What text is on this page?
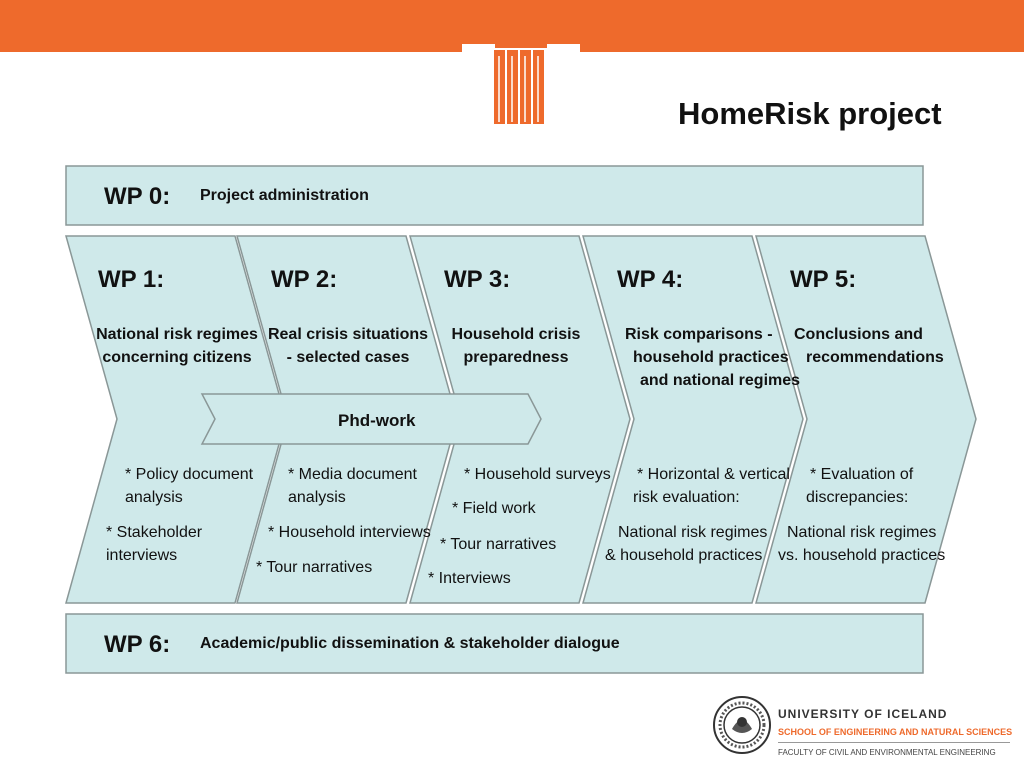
HomeRisk project
WP 0: Project administration
WP 1:
National risk regimes
concerning citizens
* Policy document
analysis
* Stakeholder
interviews
WP 2:
Real crisis situations
- selected cases
* Media document
analysis
* Household interviews
* Tour narratives
WP 3:
Household crisis
preparedness
* Household surveys
* Field work
* Tour narratives
* Interviews
WP 4:
Risk comparisons -
household practices
and national regimes
* Horizontal & vertical
risk evaluation:
National risk regimes
& household practices
WP 5:
Conclusions and
recommendations
* Evaluation of
discrepancies:
National risk regimes
vs. household practices
Phd-work
WP 6: Academic/public dissemination & stakeholder dialogue
UNIVERSITY OF ICELAND
SCHOOL OF ENGINEERING AND NATURAL SCIENCES
FACULTY OF CIVIL AND ENVIRONMENTAL ENGINEERING
